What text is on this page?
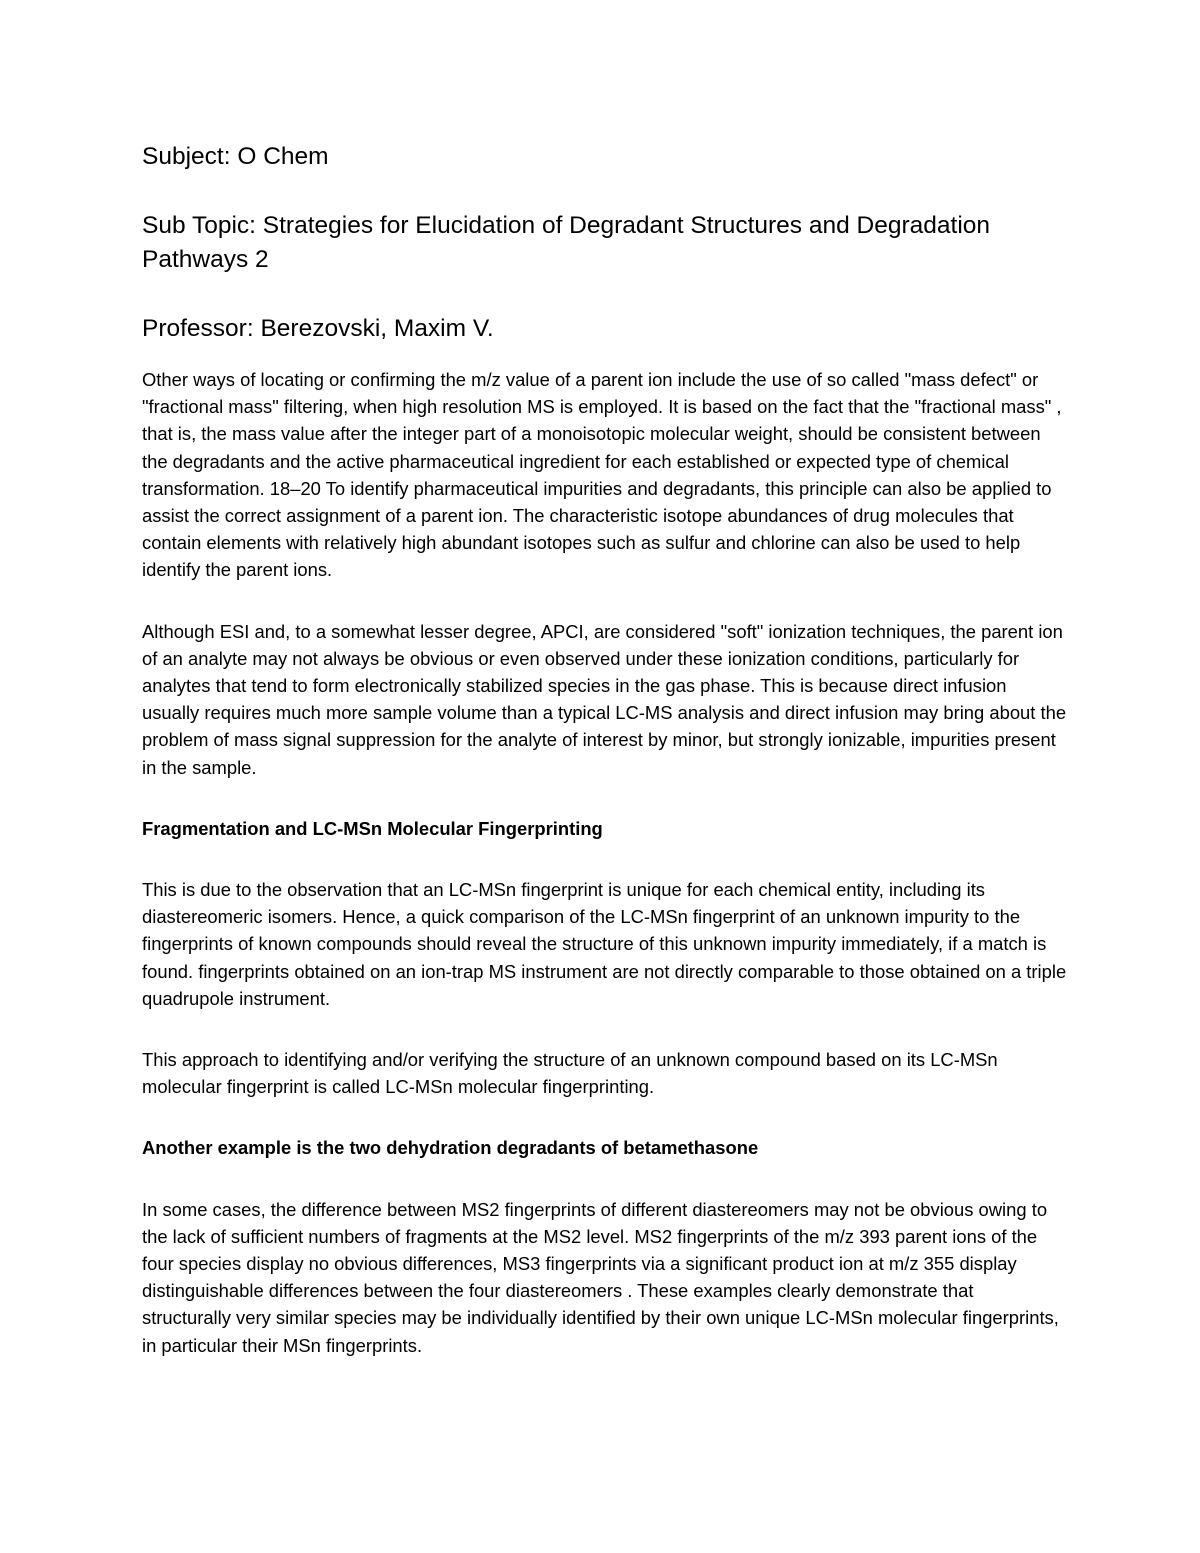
Subject: O Chem
Sub Topic: Strategies for Elucidation of Degradant Structures and Degradation Pathways 2
Professor: Berezovski, Maxim V.

Other ways of locating or confirming the m/z value of a parent ion include the use of so called "mass defect" or "fractional mass" filtering, when high resolution MS is employed. It is based on the fact that the "fractional mass" , that is, the mass value after the integer part of a monoisotopic molecular weight, should be consistent between the degradants and the active pharmaceutical ingredient for each established or expected type of chemical transformation. 18–20 To identify pharmaceutical impurities and degradants, this principle can also be applied to assist the correct assignment of a parent ion. The characteristic isotope abundances of drug molecules that contain elements with relatively high abundant isotopes such as sulfur and chlorine can also be used to help identify the parent ions.

Although ESI and, to a somewhat lesser degree, APCI, are considered "soft" ionization techniques, the parent ion of an analyte may not always be obvious or even observed under these ionization conditions, particularly for analytes that tend to form electronically stabilized species in the gas phase. This is because direct infusion usually requires much more sample volume than a typical LC-MS analysis and direct infusion may bring about the problem of mass signal suppression for the analyte of interest by minor, but strongly ionizable, impurities present in the sample.

Fragmentation and LC-MSn Molecular Fingerprinting

This is due to the observation that an LC-MSn fingerprint is unique for each chemical entity, including its diastereomeric isomers. Hence, a quick comparison of the LC-MSn fingerprint of an unknown impurity to the fingerprints of known compounds should reveal the structure of this unknown impurity immediately, if a match is found. fingerprints obtained on an ion-trap MS instrument are not directly comparable to those obtained on a triple quadrupole instrument.

This approach to identifying and/or verifying the structure of an unknown compound based on its LC-MSn molecular fingerprint is called LC-MSn molecular fingerprinting.

Another example is the two dehydration degradants of betamethasone

In some cases, the difference between MS2 fingerprints of different diastereomers may not be obvious owing to the lack of sufficient numbers of fragments at the MS2 level. MS2 fingerprints of the m/z 393 parent ions of the four species display no obvious differences, MS3 fingerprints via a significant product ion at m/z 355 display distinguishable differences between the four diastereomers . These examples clearly demonstrate that structurally very similar species may be individually identified by their own unique LC-MSn molecular fingerprints, in particular their MSn fingerprints.
